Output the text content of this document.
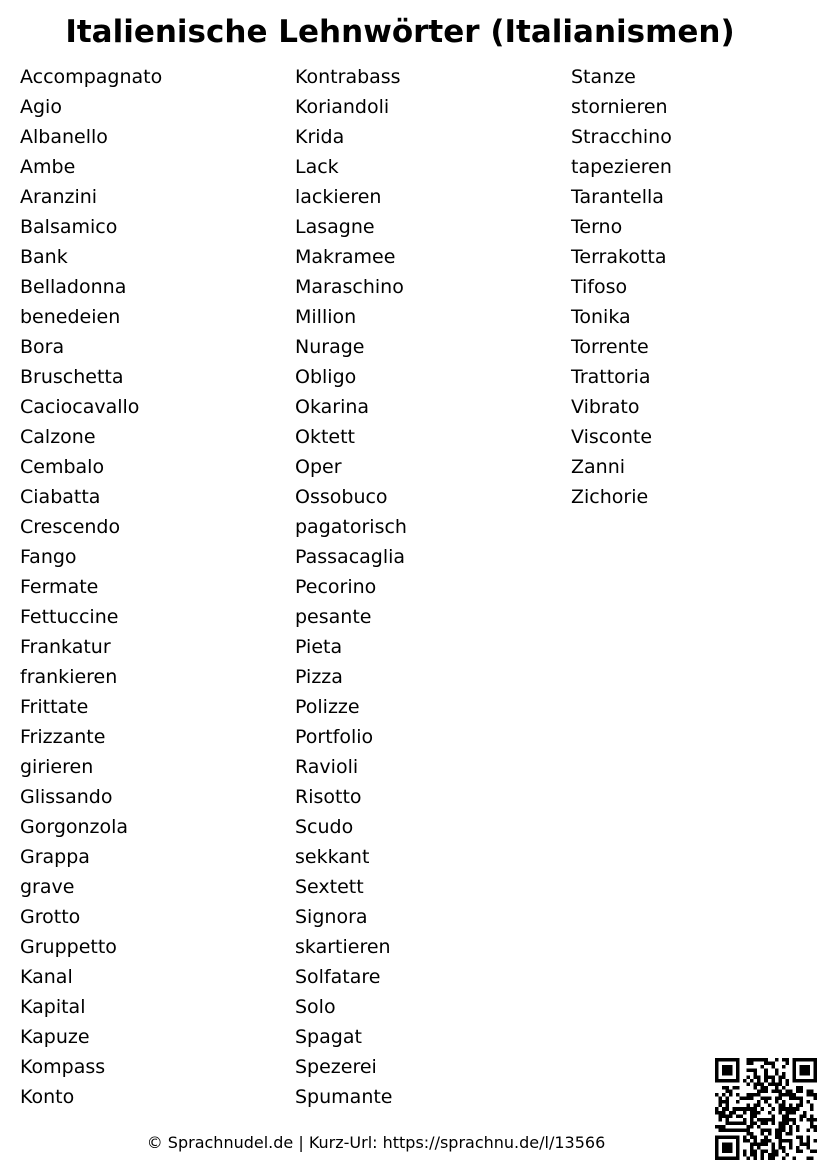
Italienische Lehnwörter (Italianismen)
Accompagnato
Agio
Albanello
Ambe
Aranzini
Balsamico
Bank
Belladonna
benedeien
Bora
Bruschetta
Caciocavallo
Calzone
Cembalo
Ciabatta
Crescendo
Fango
Fermate
Fettuccine
Frankatur
frankieren
Frittate
Frizzante
girieren
Glissando
Gorgonzola
Grappa
grave
Grotto
Gruppetto
Kanal
Kapital
Kapuze
Kompass
Konto
Kontrabass
Koriandoli
Krida
Lack
lackieren
Lasagne
Makramee
Maraschino
Million
Nurage
Obligo
Okarina
Oktett
Oper
Ossobuco
pagatorisch
Passacaglia
Pecorino
pesante
Pieta
Pizza
Polizze
Portfolio
Ravioli
Risotto
Scudo
sekkant
Sextett
Signora
skartieren
Solfatare
Solo
Spagat
Spezerei
Spumante
Stanze
stornieren
Stracchino
tapezieren
Tarantella
Terno
Terrakotta
Tifoso
Tonika
Torrente
Trattoria
Vibrato
Visconte
Zanni
Zichorie
© Sprachnudel.de | Kurz-Url: https://sprachnu.de/l/13566
